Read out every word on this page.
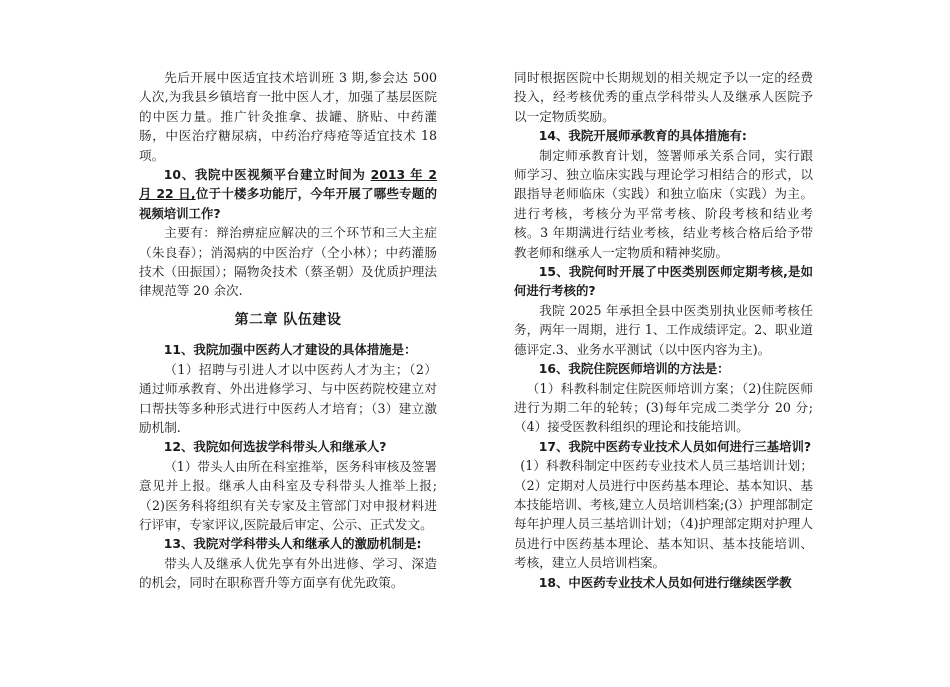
先后开展中医适宜技术培训班 3 期,参会达 500 人次,为我县乡镇培育一批中医人才，加强了基层医院的中医力量。推广针灸推拿、拔罐、脐贴、中药灌肠，中医治疗糖尿病，中药治疗痔疮等适宜技术 18 项。

10、我院中医视频平台建立时间为 2013 年 2 月 22 日,位于十楼多功能厅，今年开展了哪些专题的视频培训工作?

主要有：辩治痹症应解决的三个环节和三大主症（朱良春）；消渴病的中医治疗（仝小林）；中药灌肠技术（田振国）；隔物灸技术（蔡圣朝）及优质护理法律规范等 20 余次.

第二章 队伍建设

11、我院加强中医药人才建设的具体措施是：

（1）招聘与引进人才以中医药人才为主；（2）通过师承教育、外出进修学习、与中医药院校建立对口帮扶等多种形式进行中医药人才培育；（3）建立激励机制.

12、我院如何选拔学科带头人和继承人?

（1）带头人由所在科室推举，医务科审核及签署意见并上报。继承人由科室及专科带头人推举上报;（2)医务科将组织有关专家及主管部门对申报材料进行评审，专家评议,医院最后审定、公示、正式发文。

13、我院对学科带头人和继承人的激励机制是:

带头人及继承人优先享有外出进修、学习、深造的机会，同时在职称晋升等方面享有优先政策。

同时根据医院中长期规划的相关规定予以一定的经费投入，经考核优秀的重点学科带头人及继承人医院予以一定物质奖励。

14、我院开展师承教育的具体措施有:

制定师承教育计划，签署师承关系合同，实行跟师学习、独立临床实践与理论学习相结合的形式，以跟指导老师临床（实践）和独立临床（实践）为主。进行考核，考核分为平常考核、阶段考核和结业考核。3 年期满进行结业考核，结业考核合格后给予带教老师和继承人一定物质和精神奖励。

15、我院何时开展了中医类别医师定期考核,是如何进行考核的?

我院 2025 年承担全县中医类别执业医师考核任务，两年一周期，进行 1、工作成绩评定。2、职业道德评定.3、业务水平测试（以中医内容为主)。

16、我院住院医师培训的方法是：

（1）科教科制定住院医师培训方案；（2)住院医师进行为期二年的轮转；(3)每年完成二类学分 20 分;（4）接受医教科组织的理论和技能培训。

17、我院中医药专业技术人员如何进行三基培训?

(1）科教科制定中医药专业技术人员三基培训计划；（2）定期对人员进行中医药基本理论、基本知识、基本技能培训、考核,建立人员培训档案;(3）护理部制定每年护理人员三基培训计划；（4)护理部定期对护理人员进行中医药基本理论、基本知识、基本技能培训、考核，建立人员培训档案。

18、中医药专业技术人员如何进行继续医学教
